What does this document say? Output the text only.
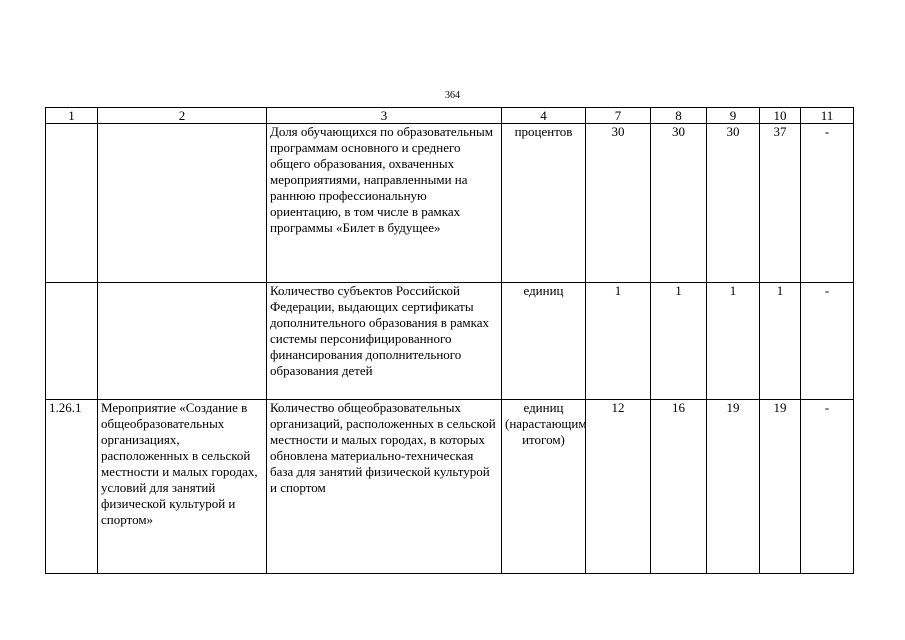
364
1	2	3	4	7	8	9	10	11
		Доля обучающихся по образовательным программам основного и среднего общего образования, охваченных мероприятиями, направленными на раннюю профессиональную ориентацию, в том числе в рамках программы «Билет в будущее»	процентов	30	30	30	37	-
		Количество субъектов Российской Федерации, выдающих сертификаты дополнительного образования в рамках системы персонифицированного финансирования дополнительного образования детей	единиц	1	1	1	1	-
1.26.1	Мероприятие «Создание в общеобразовательных организациях, расположенных в сельской местности и малых городах, условий для занятий физической культурой и спортом»	Количество общеобразовательных организаций, расположенных в сельской местности и малых городах, в которых обновлена материально-техническая база для занятий физической культурой и спортом	единиц (нарастающим итогом)	12	16	19	19	-
